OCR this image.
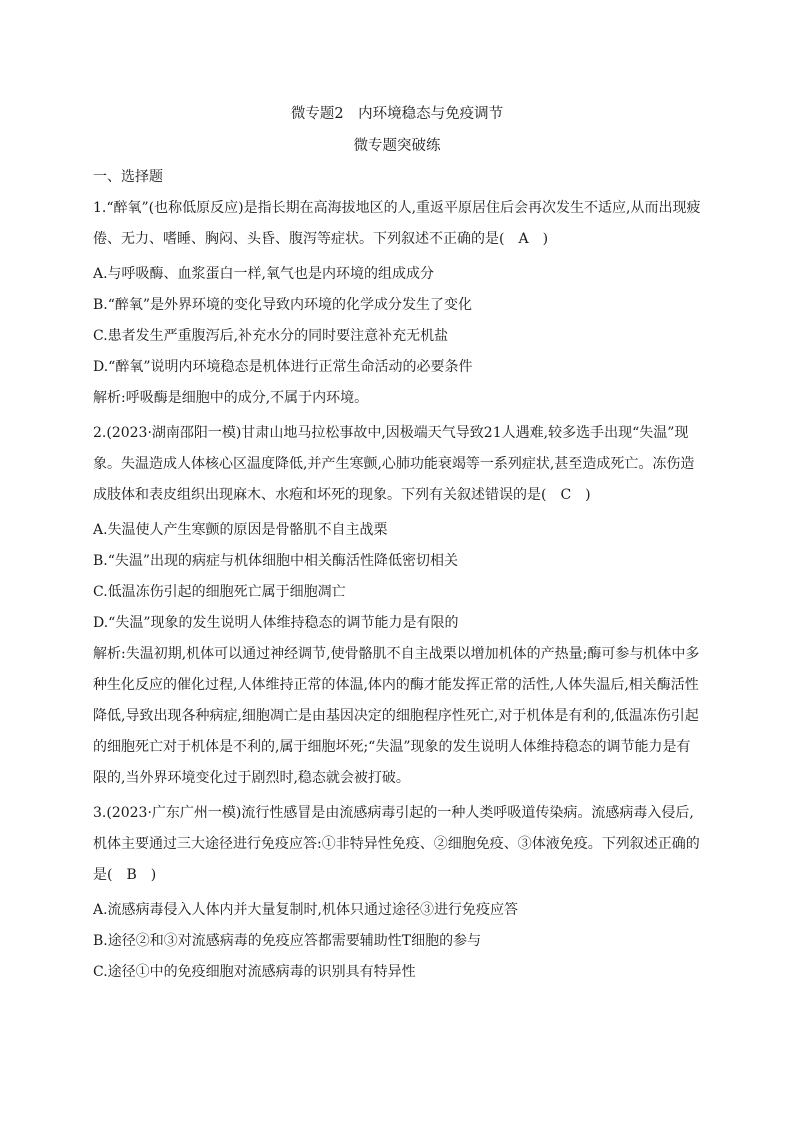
微专题2　内环境稳态与免疫调节
微专题突破练
一、选择题
1.“醉氧”(也称低原反应)是指长期在高海拔地区的人,重返平原居住后会再次发生不适应,从而出现疲倦、无力、嗜睡、胸闷、头昏、腹泻等症状。下列叙述不正确的是(　A　)
A.与呼吸酶、血浆蛋白一样,氧气也是内环境的组成成分
B.“醉氧”是外界环境的变化导致内环境的化学成分发生了变化
C.患者发生严重腹泻后,补充水分的同时要注意补充无机盐
D.“醉氧”说明内环境稳态是机体进行正常生命活动的必要条件
解析:呼吸酶是细胞中的成分,不属于内环境。
2.(2023·湖南邵阳一模)甘肃山地马拉松事故中,因极端天气导致21人遇难,较多选手出现“失温”现象。失温造成人体核心区温度降低,并产生寒颤,心肺功能衰竭等一系列症状,甚至造成死亡。冻伤造成肢体和表皮组织出现麻木、水疱和坏死的现象。下列有关叙述错误的是(　C　)
A.失温使人产生寒颤的原因是骨骼肌不自主战栗
B.“失温”出现的病症与机体细胞中相关酶活性降低密切相关
C.低温冻伤引起的细胞死亡属于细胞凋亡
D.“失温”现象的发生说明人体维持稳态的调节能力是有限的
解析:失温初期,机体可以通过神经调节,使骨骼肌不自主战栗以增加机体的产热量;酶可参与机体中多种生化反应的催化过程,人体维持正常的体温,体内的酶才能发挥正常的活性,人体失温后,相关酶活性降低,导致出现各种病症,细胞凋亡是由基因决定的细胞程序性死亡,对于机体是有利的,低温冻伤引起的细胞死亡对于机体是不利的,属于细胞坏死;“失温”现象的发生说明人体维持稳态的调节能力是有限的,当外界环境变化过于剧烈时,稳态就会被打破。
3.(2023·广东广州一模)流行性感冒是由流感病毒引起的一种人类呼吸道传染病。流感病毒入侵后,机体主要通过三大途径进行免疫应答:①非特异性免疫、②细胞免疫、③体液免疫。下列叙述正确的是(　B　)
A.流感病毒侵入人体内并大量复制时,机体只通过途径③进行免疫应答
B.途径②和③对流感病毒的免疫应答都需要辅助性T细胞的参与
C.途径①中的免疫细胞对流感病毒的识别具有特异性
